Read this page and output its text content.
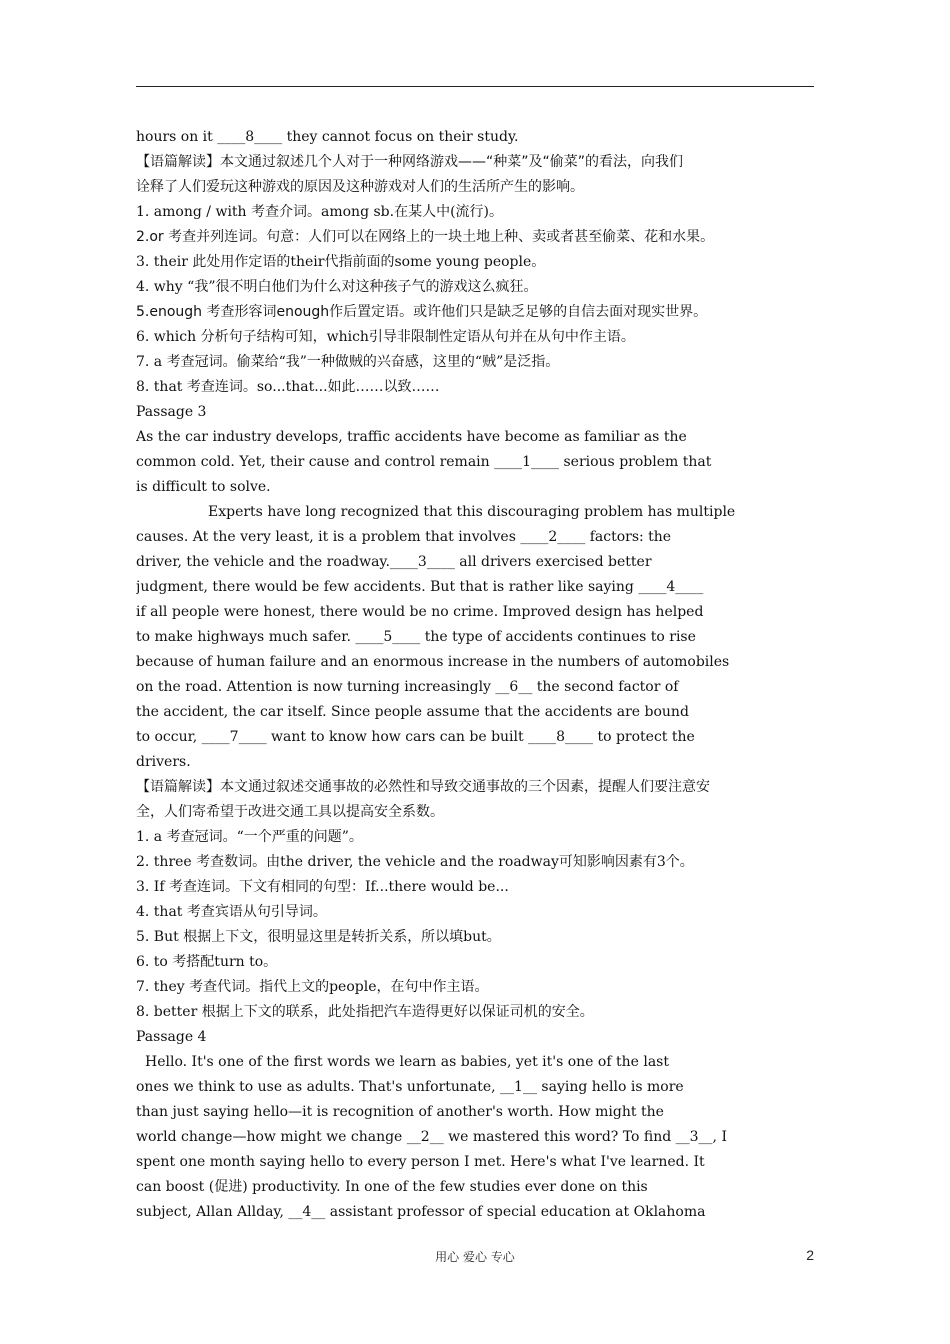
hours on it ____8____ they cannot focus on their study.
【语篇解读】本文通过叙述几个人对于一种网络游戏——“种菜”及“偷菜”的看法，向我们
诠释了人们爱玩这种游戏的原因及这种游戏对人们的生活所产生的影响。
1. among / with 考查介词。among sb.在某人中(流行)。
2.or 考查并列连词。句意：人们可以在网络上的一块土地上种、卖或者甚至偷菜、花和水果。
3. their 此处用作定语的their代指前面的some young people。
4. why “我”很不明白他们为什么对这种孩子气的游戏这么疯狂。
5.enough 考查形容词enough作后置定语。或许他们只是缺乏足够的自信去面对现实世界。
6. which 分析句子结构可知，which引导非限制性定语从句并在从句中作主语。
7. a 考查冠词。偷菜给“我”一种做贼的兴奋感，这里的“贼”是泛指。
8. that 考查连词。so...that...如此……以致……
Passage 3
As the car industry develops, traffic accidents have become as familiar as the
common cold. Yet, their cause and control remain ____1____ serious problem that
is difficult to solve.
Experts have long recognized that this discouraging problem has multiple
causes. At the very least, it is a problem that involves ____2____ factors: the
driver, the vehicle and the roadway.____3____ all drivers exercised better
judgment, there would be few accidents. But that is rather like saying ____4____
if all people were honest, there would be no crime. Improved design has helped
to make highways much safer. ____5____ the type of accidents continues to rise
because of human failure and an enormous increase in the numbers of automobiles
on the road. Attention is now turning increasingly __6__ the second factor of
the accident, the car itself. Since people assume that the accidents are bound
to occur, ____7____ want to know how cars can be built ____8____ to protect the
drivers.
【语篇解读】本文通过叙述交通事故的必然性和导致交通事故的三个因素，提醒人们要注意安
全，人们寄希望于改进交通工具以提高安全系数。
1. a 考查冠词。“一个严重的问题”。
2. three 考查数词。由the driver, the vehicle and the roadway可知影响因素有3个。
3. If 考查连词。下文有相同的句型：If...there would be...
4. that 考查宾语从句引导词。
5. But 根据上下文，很明显这里是转折关系，所以填but。
6. to 考搭配turn to。
7. they 考查代词。指代上文的people，在句中作主语。
8. better 根据上下文的联系，此处指把汽车造得更好以保证司机的安全。
Passage 4
Hello. It's one of the first words we learn as babies, yet it's one of the last
ones we think to use as adults. That's unfortunate, __1__ saying hello is more
than just saying hello—it is recognition of another's worth. How might the
world change—how might we change __2__ we mastered this word? To find __3__, I
spent one month saying hello to every person I met. Here's what I've learned. It
can boost (促进) productivity. In one of the few studies ever done on this
subject, Allan Allday, __4__ assistant professor of special education at Oklahoma
用心 爱心 专心	2
